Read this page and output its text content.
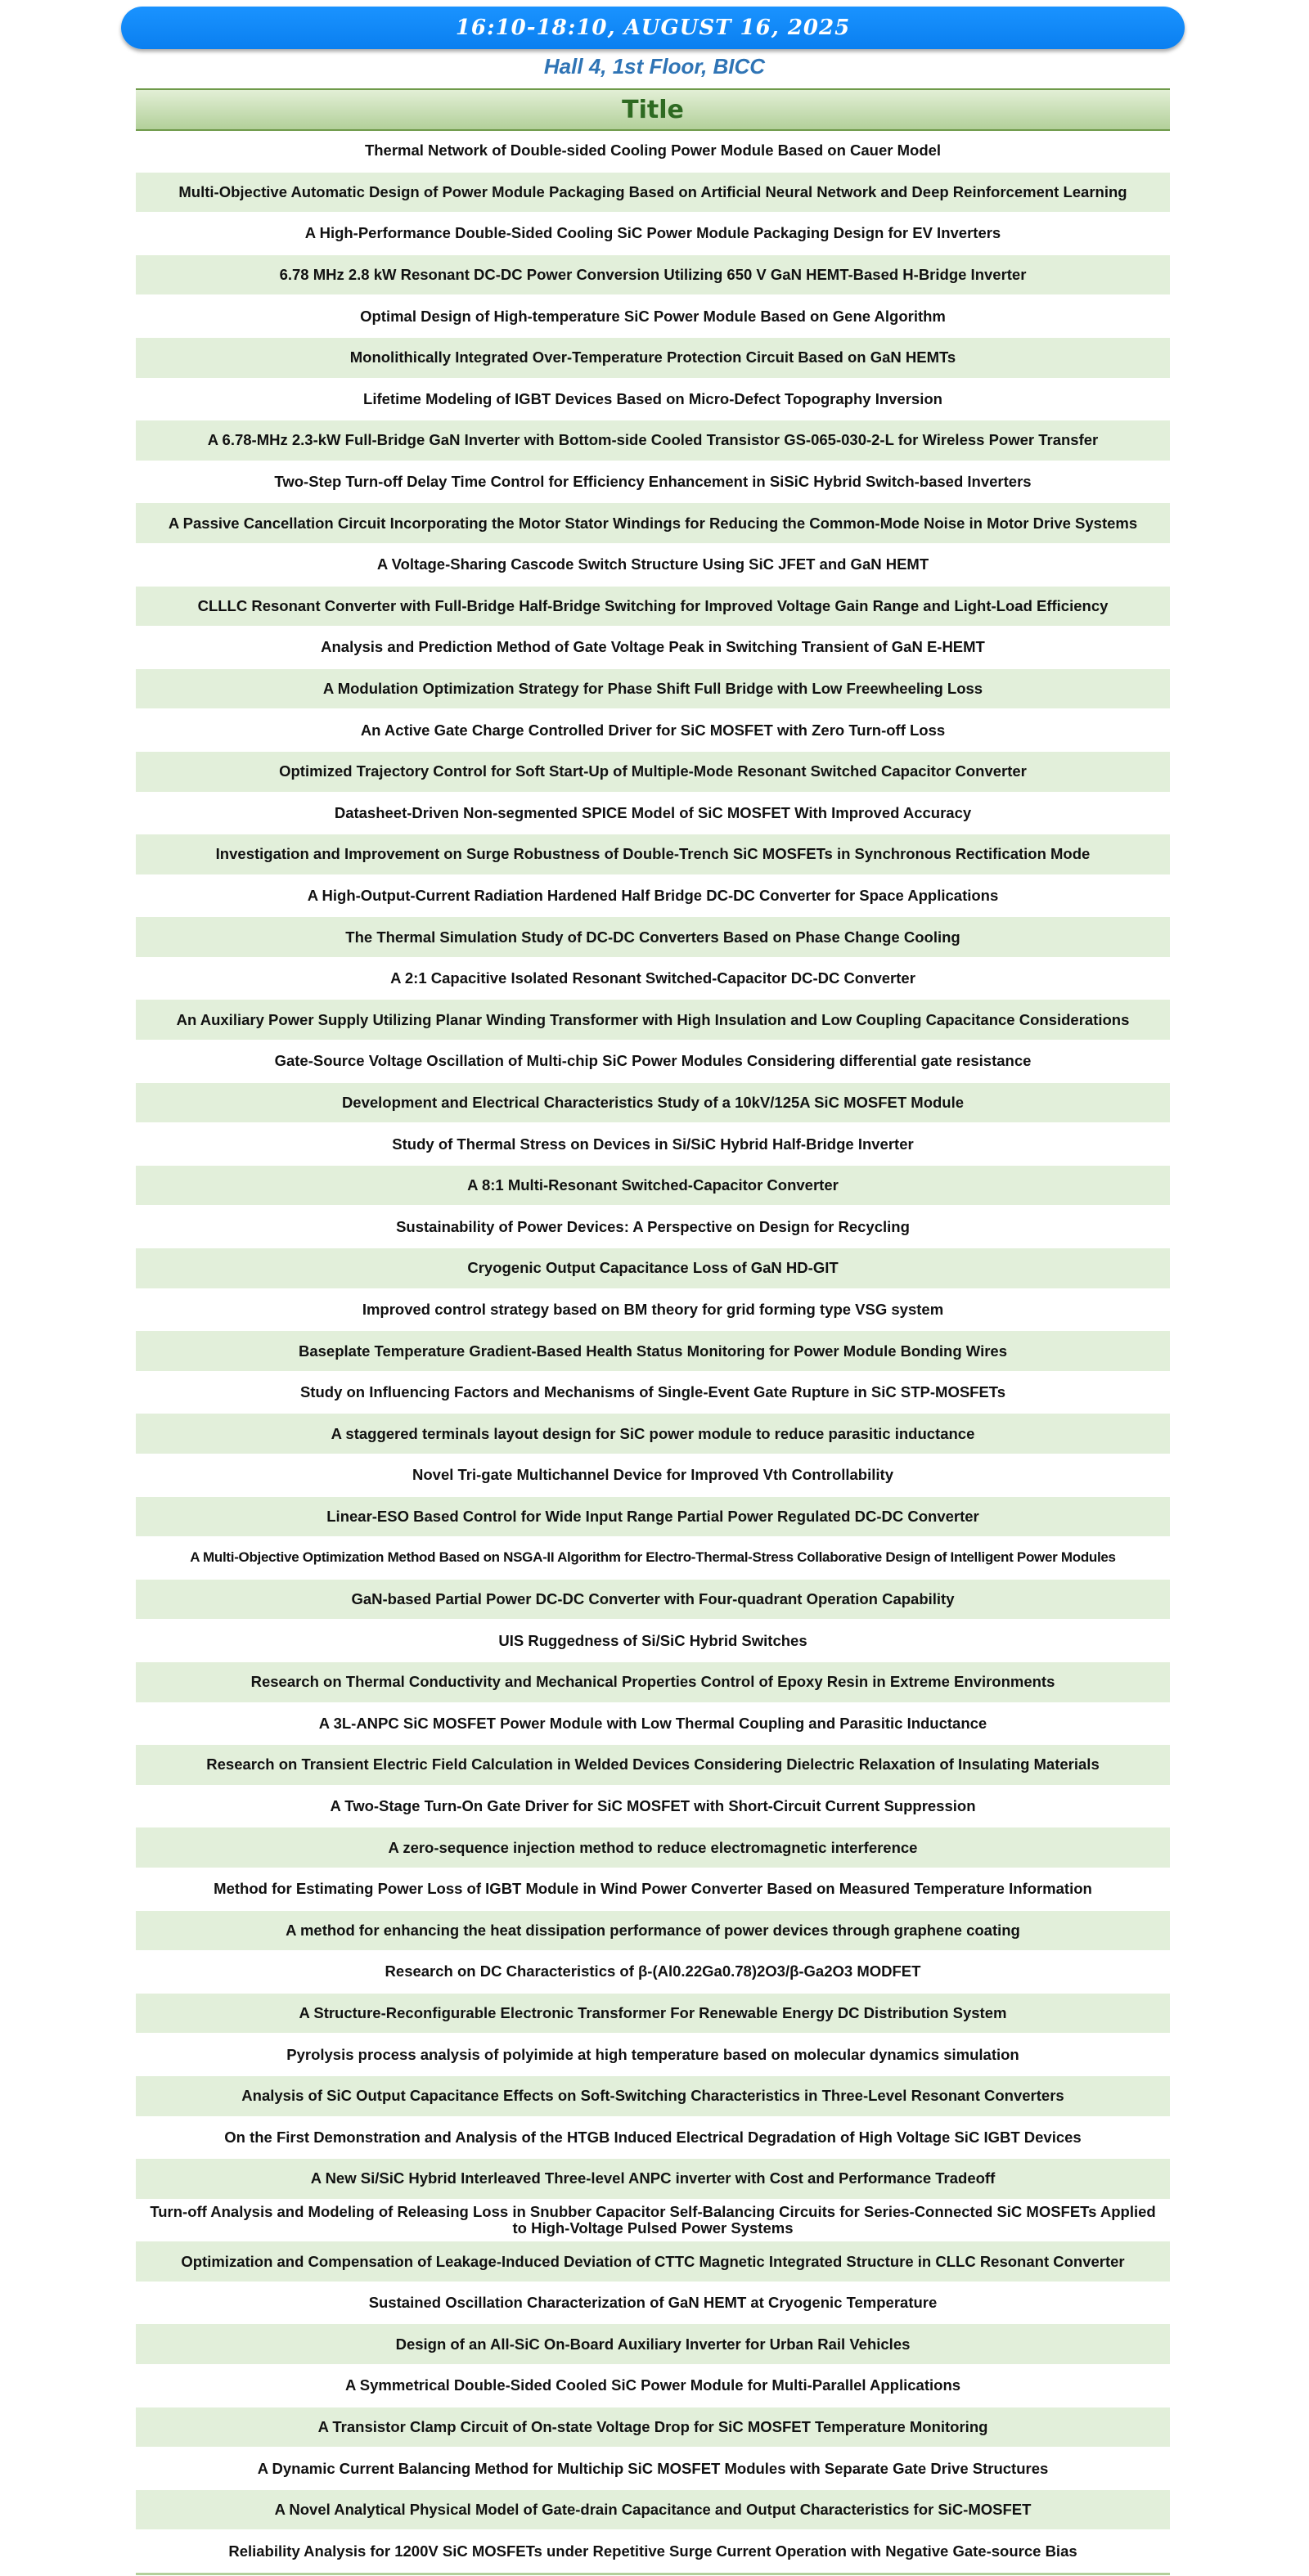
16:10-18:10, AUGUST 16, 2025
Hall 4, 1st Floor, BICC
Title
Thermal Network of Double-sided Cooling Power Module Based on Cauer Model
Multi-Objective Automatic Design of Power Module Packaging Based on Artificial Neural Network and Deep Reinforcement Learning
A High-Performance Double-Sided Cooling SiC Power Module Packaging Design for EV Inverters
6.78 MHz 2.8 kW Resonant DC-DC Power Conversion Utilizing 650 V GaN HEMT-Based H-Bridge Inverter
Optimal Design of High-temperature SiC Power Module Based on Gene Algorithm
Monolithically Integrated Over-Temperature Protection Circuit Based on GaN HEMTs
Lifetime Modeling of IGBT Devices Based on Micro-Defect Topography Inversion
A 6.78-MHz 2.3-kW Full-Bridge GaN Inverter with Bottom-side Cooled Transistor GS-065-030-2-L for Wireless Power Transfer
Two-Step Turn-off Delay Time Control for Efficiency Enhancement in SiSiC Hybrid Switch-based Inverters
A Passive Cancellation Circuit Incorporating the Motor Stator Windings for Reducing the Common-Mode Noise in Motor Drive Systems
A Voltage-Sharing Cascode Switch Structure Using SiC JFET and GaN HEMT
CLLLC Resonant Converter with Full-Bridge Half-Bridge Switching for Improved Voltage Gain Range and Light-Load Efficiency
Analysis and Prediction Method of Gate Voltage Peak in Switching Transient of GaN E-HEMT
A Modulation Optimization Strategy for Phase Shift Full Bridge with Low Freewheeling Loss
An Active Gate Charge Controlled Driver for SiC MOSFET with Zero Turn-off Loss
Optimized Trajectory Control for Soft Start-Up of Multiple-Mode Resonant Switched Capacitor Converter
Datasheet-Driven Non-segmented SPICE Model of SiC MOSFET With Improved Accuracy
Investigation and Improvement on Surge Robustness of Double-Trench SiC MOSFETs in Synchronous Rectification Mode
A High-Output-Current Radiation Hardened Half Bridge DC-DC Converter for Space Applications
The Thermal Simulation Study of DC-DC Converters Based on Phase Change Cooling
A 2:1 Capacitive Isolated Resonant Switched-Capacitor DC-DC Converter
An Auxiliary Power Supply Utilizing Planar Winding Transformer with High Insulation and Low Coupling Capacitance Considerations
Gate-Source Voltage Oscillation of Multi-chip SiC Power Modules Considering differential gate resistance
Development and Electrical Characteristics Study of a 10kV/125A SiC MOSFET Module
Study of Thermal Stress on Devices in Si/SiC Hybrid Half-Bridge Inverter
A 8:1 Multi-Resonant Switched-Capacitor Converter
Sustainability of Power Devices: A Perspective on Design for Recycling
Cryogenic Output Capacitance Loss of GaN HD-GIT
Improved control strategy based on BM theory for grid forming type VSG system
Baseplate Temperature Gradient-Based Health Status Monitoring for Power Module Bonding Wires
Study on Influencing Factors and Mechanisms of Single-Event Gate Rupture in SiC STP-MOSFETs
A staggered terminals layout design for SiC power module to reduce parasitic inductance
Novel Tri-gate Multichannel Device for Improved Vth Controllability
Linear-ESO Based Control for Wide Input Range Partial Power Regulated DC-DC Converter
A Multi-Objective Optimization Method Based on NSGA-II Algorithm for Electro-Thermal-Stress Collaborative Design of Intelligent Power Modules
GaN-based Partial Power DC-DC Converter with Four-quadrant Operation Capability
UIS Ruggedness of Si/SiC Hybrid Switches
Research on Thermal Conductivity and Mechanical Properties Control of Epoxy Resin in Extreme Environments
A 3L-ANPC SiC MOSFET Power Module with Low Thermal Coupling and Parasitic Inductance
Research on Transient Electric Field Calculation in Welded Devices Considering Dielectric Relaxation of Insulating Materials
A Two-Stage Turn-On Gate Driver for SiC MOSFET with Short-Circuit Current Suppression
A zero-sequence injection method to reduce electromagnetic interference
Method for Estimating Power Loss of IGBT Module in Wind Power Converter Based on Measured Temperature Information
A method for enhancing the heat dissipation performance of power devices through graphene coating
Research on DC Characteristics of β-(Al0.22Ga0.78)2O3/β-Ga2O3 MODFET
A Structure-Reconfigurable Electronic Transformer For Renewable Energy DC Distribution System
Pyrolysis process analysis of polyimide at high temperature based on molecular dynamics simulation
Analysis of SiC Output Capacitance Effects on Soft-Switching Characteristics in Three-Level Resonant Converters
On the First Demonstration and Analysis of the HTGB Induced Electrical Degradation of High Voltage SiC IGBT Devices
A New Si/SiC Hybrid Interleaved Three-level ANPC inverter with Cost and Performance Tradeoff
Turn-off Analysis and Modeling of Releasing Loss in Snubber Capacitor Self-Balancing Circuits for Series-Connected SiC MOSFETs Applied to High-Voltage Pulsed Power Systems
Optimization and Compensation of Leakage-Induced Deviation of CTTC Magnetic Integrated Structure in CLLC Resonant Converter
Sustained Oscillation Characterization of GaN HEMT at Cryogenic Temperature
Design of an All-SiC On-Board Auxiliary Inverter for Urban Rail Vehicles
A Symmetrical Double-Sided Cooled SiC Power Module for Multi-Parallel Applications
A Transistor Clamp Circuit of On-state Voltage Drop for SiC MOSFET Temperature Monitoring
A Dynamic Current Balancing Method for Multichip SiC MOSFET Modules with Separate Gate Drive Structures
A Novel Analytical Physical Model of Gate-drain Capacitance and Output Characteristics for SiC-MOSFET
Reliability Analysis for 1200V SiC MOSFETs under Repetitive Surge Current Operation with Negative Gate-source Bias
